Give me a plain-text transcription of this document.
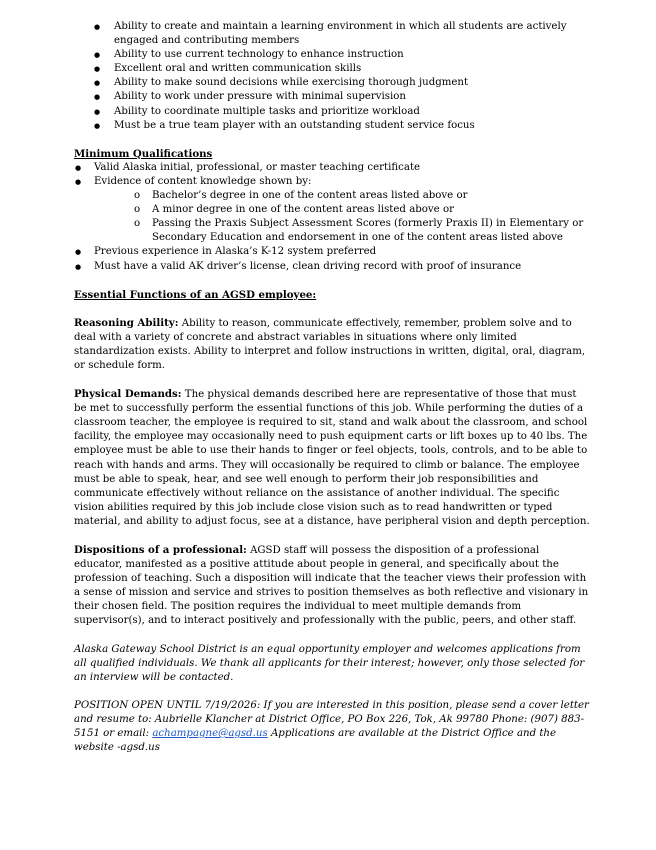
● Ability to create and maintain a learning environment in which all students are actively engaged and contributing members
● Ability to use current technology to enhance instruction
● Excellent oral and written communication skills
● Ability to make sound decisions while exercising thorough judgment
● Ability to work under pressure with minimal supervision
● Ability to coordinate multiple tasks and prioritize workload
● Must be a true team player with an outstanding student service focus

Minimum Qualifications

● Valid Alaska initial, professional, or master teaching certificate
● Evidence of content knowledge shown by:
o Bachelor’s degree in one of the content areas listed above or
o A minor degree in one of the content areas listed above or
o Passing the Praxis Subject Assessment Scores (formerly Praxis II) in Elementary or Secondary Education and endorsement in one of the content areas listed above
● Previous experience in Alaska’s K-12 system preferred
● Must have a valid AK driver’s license, clean driving record with proof of insurance

Essential Functions of an AGSD employee:

Reasoning Ability: Ability to reason, communicate effectively, remember, problem solve and to deal with a variety of concrete and abstract variables in situations where only limited standardization exists. Ability to interpret and follow instructions in written, digital, oral, diagram, or schedule form.

Physical Demands: The physical demands described here are representative of those that must be met to successfully perform the essential functions of this job. While performing the duties of a classroom teacher, the employee is required to sit, stand and walk about the classroom, and school facility, the employee may occasionally need to push equipment carts or lift boxes up to 40 lbs. The employee must be able to use their hands to finger or feel objects, tools, controls, and to be able to reach with hands and arms. They will occasionally be required to climb or balance. The employee must be able to speak, hear, and see well enough to perform their job responsibilities and communicate effectively without reliance on the assistance of another individual. The specific vision abilities required by this job include close vision such as to read handwritten or typed material, and ability to adjust focus, see at a distance, have peripheral vision and depth perception.

Dispositions of a professional: AGSD staff will possess the disposition of a professional educator, manifested as a positive attitude about people in general, and specifically about the profession of teaching. Such a disposition will indicate that the teacher views their profession with a sense of mission and service and strives to position themselves as both reflective and visionary in their chosen field. The position requires the individual to meet multiple demands from supervisor(s), and to interact positively and professionally with the public, peers, and other staff.

Alaska Gateway School District is an equal opportunity employer and welcomes applications from all qualified individuals. We thank all applicants for their interest; however, only those selected for an interview will be contacted.

POSITION OPEN UNTIL 7/19/2026: If you are interested in this position, please send a cover letter and resume to: Aubrielle Klancher at District Office, PO Box 226, Tok, Ak 99780 Phone: (907) 883-5151 or email: achampagne@agsd.us Applications are available at the District Office and the website -agsd.us
